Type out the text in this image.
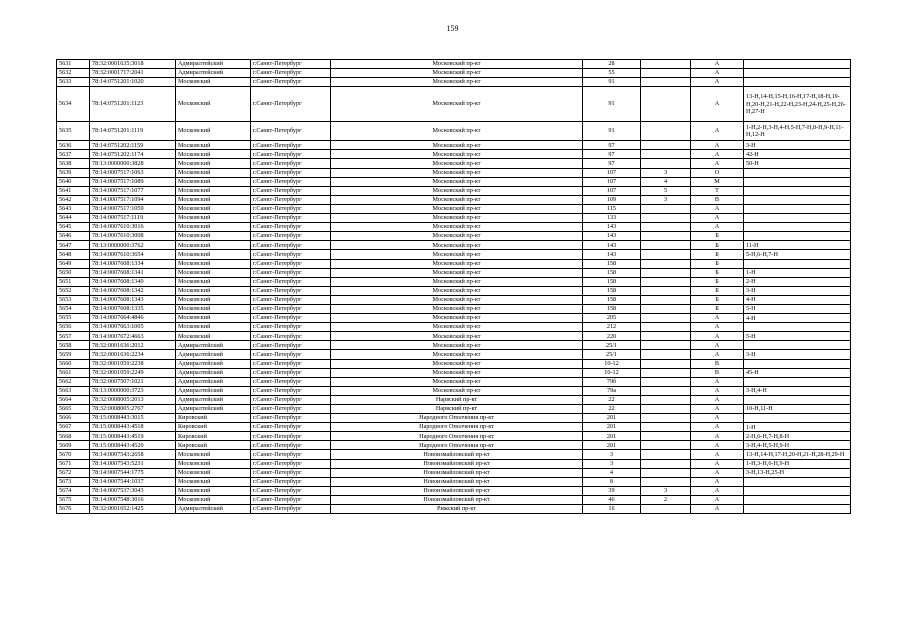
159
5631	78:32:0001635:3018	Адмиралтейский	г.Санкт-Петербург	Московский пр-кт	28		А	
5632	78:32:0001717:2041	Адмиралтейский	г.Санкт-Петербург	Московский пр-кт	55		А	
5633	78:14:0751201:1020	Московский	г.Санкт-Петербург	Московский пр-кт	91		А	
5634	78:14:0751201:1123	Московский	г.Санкт-Петербург	Московский пр-кт	91		А	13-Н,14-Н,15-Н,16-Н,17-Н,18-Н,19-Н,20-Н,21-Н,22-Н,23-Н,24-Н,25-Н,26-Н,27-Н
5635	78:14:0751201:1119	Московский	г.Санкт-Петербург	Московский пр-кт	91		А	1-Н,2-Н,3-Н,4-Н,5-Н,7-Н,8-Н,9-Н,11-Н,12-Н
5636	78:14:0751202:1159	Московский	г.Санкт-Петербург	Московский пр-кт	97		А	3-Н
5637	78:14:0751202:1174	Московский	г.Санкт-Петербург	Московский пр-кт	97		А	42-Н
5638	78:13:0000000:3828	Московский	г.Санкт-Петербург	Московский пр-кт	97		А	50-Н
5639	78:14:0007517:1063	Московский	г.Санкт-Петербург	Московский пр-кт	107	3	О	
5640	78:14:0007517:1089	Московский	г.Санкт-Петербург	Московский пр-кт	107	4	М	
5641	78:14:0007517:1077	Московский	г.Санкт-Петербург	Московский пр-кт	107	5	Т	
5642	78:14:0007517:1094	Московский	г.Санкт-Петербург	Московский пр-кт	109	3	В	
5643	78:14:0007517:1059	Московский	г.Санкт-Петербург	Московский пр-кт	115		А	
5644	78:14:0007517:1119	Московский	г.Санкт-Петербург	Московский пр-кт	133		А	
5645	78:14:0007610:3016	Московский	г.Санкт-Петербург	Московский пр-кт	143		А	
5646	78:14:0007610:3008	Московский	г.Санкт-Петербург	Московский пр-кт	143		Б	
5647	78:13:0000000:3762	Московский	г.Санкт-Петербург	Московский пр-кт	143		Б	11-Н
5648	78:14:0007610:3654	Московский	г.Санкт-Петербург	Московский пр-кт	143		Б	5-Н,6-Н,7-Н
5649	78:14:0007608:1334	Московский	г.Санкт-Петербург	Московский пр-кт	158		Б	
5650	78:14:0007608:1341	Московский	г.Санкт-Петербург	Московский пр-кт	158		Б	1-Н
5651	78:14:0007608:1340	Московский	г.Санкт-Петербург	Московский пр-кт	158		Б	2-Н
5652	78:14:0007608:1342	Московский	г.Санкт-Петербург	Московский пр-кт	158		Б	3-Н
5653	78:14:0007608:1343	Московский	г.Санкт-Петербург	Московский пр-кт	158		Б	4-Н
5654	78:14:0007608:1335	Московский	г.Санкт-Петербург	Московский пр-кт	158		Б	5-Н
5655	78:14:0007664:4846	Московский	г.Санкт-Петербург	Московский пр-кт	205		А	4-Н
5656	78:14:0007663:1005	Московский	г.Санкт-Петербург	Московский пр-кт	212		А	
5657	78:14:0007672:4663	Московский	г.Санкт-Петербург	Московский пр-кт	220		А	5-Н
5658	78:32:0001636:2012	Адмиралтейский	г.Санкт-Петербург	Московский пр-кт	25/1		А	
5659	78:32:0001636:2234	Адмиралтейский	г.Санкт-Петербург	Московский пр-кт	25/1		А	3-Н
5660	78:32:0001059:2238	Адмиралтейский	г.Санкт-Петербург	Московский пр-кт	10-12		В	
5661	78:32:0001059:2249	Адмиралтейский	г.Санкт-Петербург	Московский пр-кт	10-12		В	45-Н
5662	78:32:0007507:1021	Адмиралтейский	г.Санкт-Петербург	Московский пр-кт	79б		А	
5663	78:13:0000000:3723	Адмиралтейский	г.Санкт-Петербург	Московский пр-кт	79а		А	3-Н,4-Н
5664	78:32:0008005:2013	Адмиралтейский	г.Санкт-Петербург	Нарвский пр-кт	22		А	
5665	78:32:0008005:2767	Адмиралтейский	г.Санкт-Петербург	Нарвский пр-кт	22		А	10-Н,11-Н
5666	78:15:0008443:3015	Кировский	г.Санкт-Петербург	Народного Ополчения пр-кт	201		А	
5667	78:15:0008443:4518	Кировский	г.Санкт-Петербург	Народного Ополчения пр-кт	201		А	1-Н
5668	78:15:0008443:4519	Кировский	г.Санкт-Петербург	Народного Ополчения пр-кт	201		А	2-Н,6-Н,7-Н,8-Н
5669	78:15:0008443:4520	Кировский	г.Санкт-Петербург	Народного Ополчения пр-кт	201		А	3-Н,4-Н,5-Н,9-Н
5670	78:14:0007543:2658	Московский	г.Санкт-Петербург	Новоизмайловский пр-кт	3		А	13-Н,14-Н,17-Н,20-Н,21-Н,28-Н,29-Н
5671	78:14:0007543:5231	Московский	г.Санкт-Петербург	Новоизмайловский пр-кт	3		А	1-Н,3-Н,6-Н,9-Н
5672	78:14:0007544:1775	Московский	г.Санкт-Петербург	Новоизмайловский пр-кт	4		А	3-Н,13-Н,25-Н
5673	78:14:0007544:1037	Московский	г.Санкт-Петербург	Новоизмайловский пр-кт	8		А	
5674	78:14:0007537:3043	Московский	г.Санкт-Петербург	Новоизмайловский пр-кт	39	3	А	
5675	78:14:0007548:3016	Московский	г.Санкт-Петербург	Новоизмайловский пр-кт	46	2	А	
5676	78:32:0001652:1425	Адмиралтейский	г.Санкт-Петербург	Рижский пр-кт	16		А	
